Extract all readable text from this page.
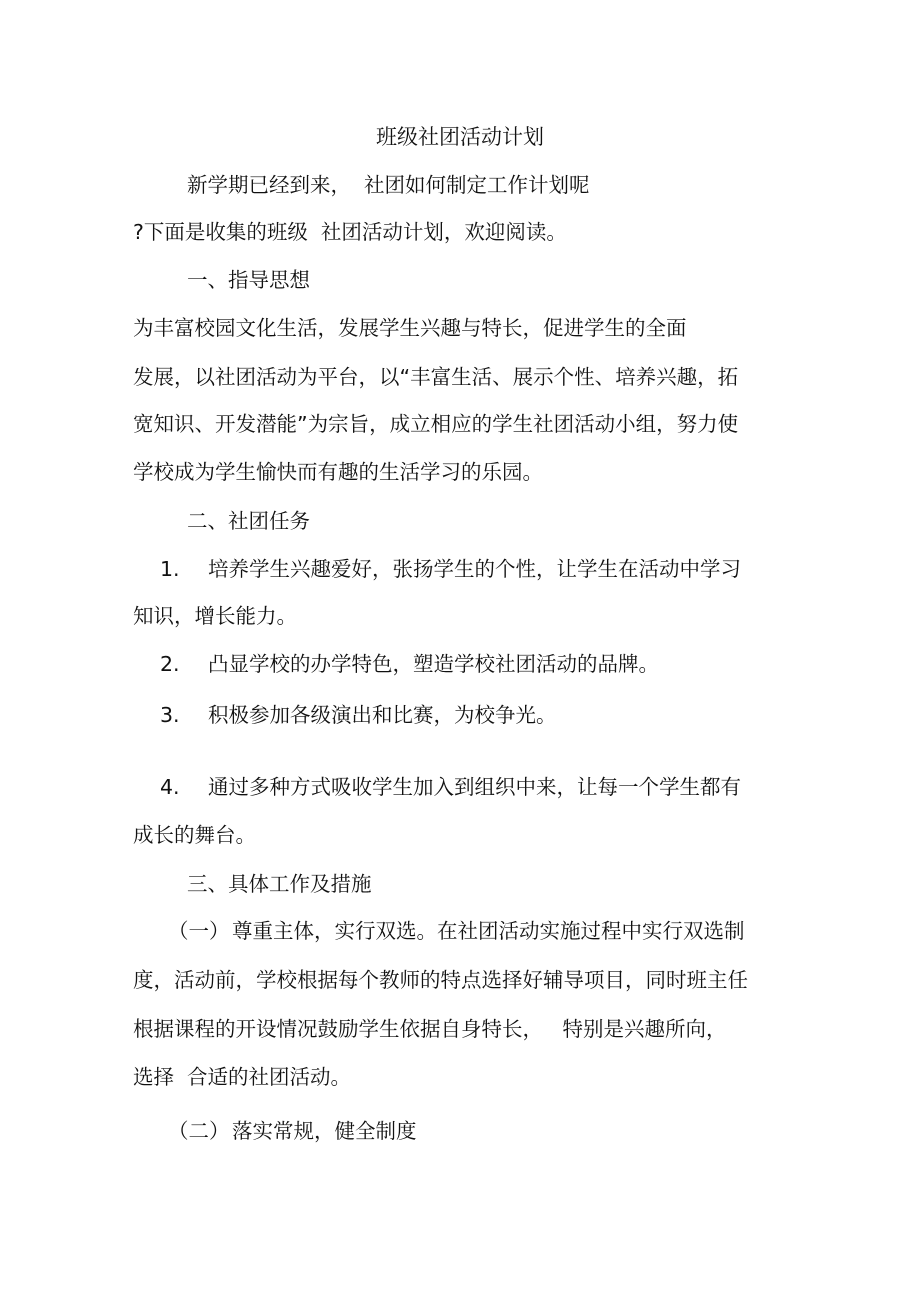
班级社团活动计划
新学期已经到来，  社团如何制定工作计划呢
?下面是收集的班级  社团活动计划，欢迎阅读。
一、指导思想
为丰富校园文化生活，发展学生兴趣与特长，促进学生的全面
发展，以社团活动为平台，以“丰富生活、展示个性、培养兴趣，拓
宽知识、开发潜能”为宗旨，成立相应的学生社团活动小组，努力使
学校成为学生愉快而有趣的生活学习的乐园。
二、社团任务
1. 培养学生兴趣爱好，张扬学生的个性，让学生在活动中学习
知识，增长能力。
2. 凸显学校的办学特色，塑造学校社团活动的品牌。
3. 积极参加各级演出和比赛，为校争光。
4. 通过多种方式吸收学生加入到组织中来，让每一个学生都有
成长的舞台。
三、具体工作及措施
（一） 尊重主体，实行双选。在社团活动实施过程中实行双选制
度，活动前，学校根据每个教师的特点选择好辅导项目，同时班主任
根据课程的开设情况鼓励学生依据自身特长，   特别是兴趣所向，
选择  合适的社团活动。
（二） 落实常规，健全制度
